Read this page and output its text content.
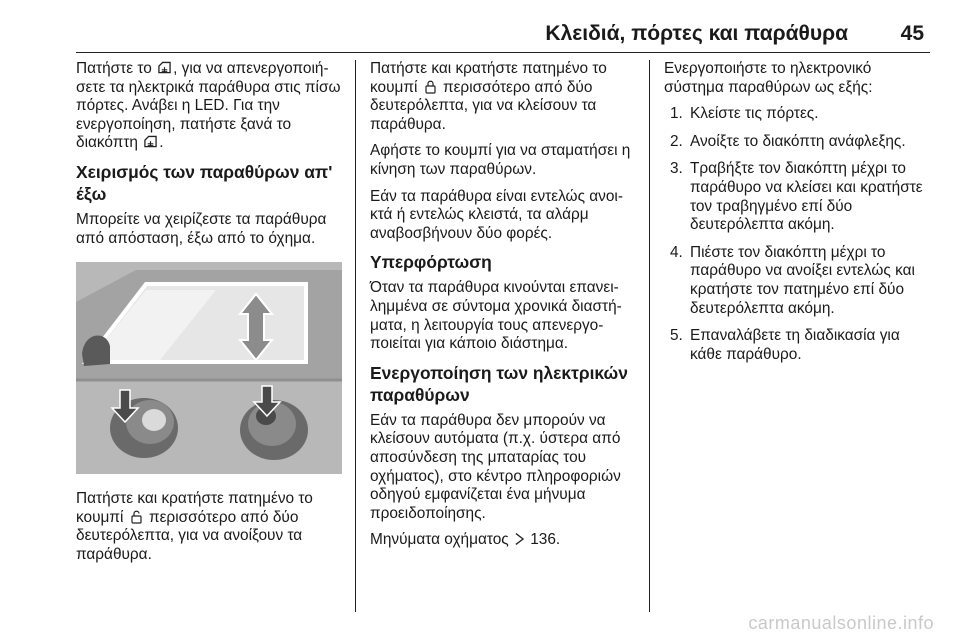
Κλειδιά, πόρτες και παράθυρα	45

Πατήστε το , για να απενεργοποιή-σετε τα ηλεκτρικά παράθυρα στις πίσω πόρτες. Ανάβει η LED. Για την ενεργοποίηση, πατήστε ξανά το διακόπτη .

Χειρισμός των παραθύρων απ' έξω

Μπορείτε να χειρίζεστε τα παράθυρα από απόσταση, έξω από το όχημα.

Πατήστε και κρατήστε πατημένο το κουμπί περισσότερο από δύο δευτερόλεπτα, για να ανοίξουν τα παράθυρα.

Πατήστε και κρατήστε πατημένο το κουμπί περισσότερο από δύο δευτερόλεπτα, για να κλείσουν τα παράθυρα.

Αφήστε το κουμπί για να σταματήσει η κίνηση των παραθύρων.

Εάν τα παράθυρα είναι εντελώς ανοι-κτά ή εντελώς κλειστά, τα αλάρμ αναβοσβήνουν δύο φορές.

Υπερφόρτωση

Όταν τα παράθυρα κινούνται επανει-λημμένα σε σύντομα χρονικά διαστή-ματα, η λειτουργία τους απενεργο-ποιείται για κάποιο διάστημα.

Ενεργοποίηση των ηλεκτρικών παραθύρων

Εάν τα παράθυρα δεν μπορούν να κλείσουν αυτόματα (π.χ. ύστερα από αποσύνδεση της μπαταρίας του οχήματος), στο κέντρο πληροφοριών οδηγού εμφανίζεται ένα μήνυμα προειδοποίησης.

Μηνύματα οχήματος 136.

Ενεργοποιήστε το ηλεκτρονικό σύστημα παραθύρων ως εξής:

1. Κλείστε τις πόρτες.
2. Ανοίξτε το διακόπτη ανάφλεξης.
3. Τραβήξτε τον διακόπτη μέχρι το παράθυρο να κλείσει και κρατήστε τον τραβηγμένο επί δύο δευτερόλεπτα ακόμη.
4. Πιέστε τον διακόπτη μέχρι το παράθυρο να ανοίξει εντελώς και κρατήστε τον πατημένο επί δύο δευτερόλεπτα ακόμη.
5. Επαναλάβετε τη διαδικασία για κάθε παράθυρο.
carmanualsonline.info
